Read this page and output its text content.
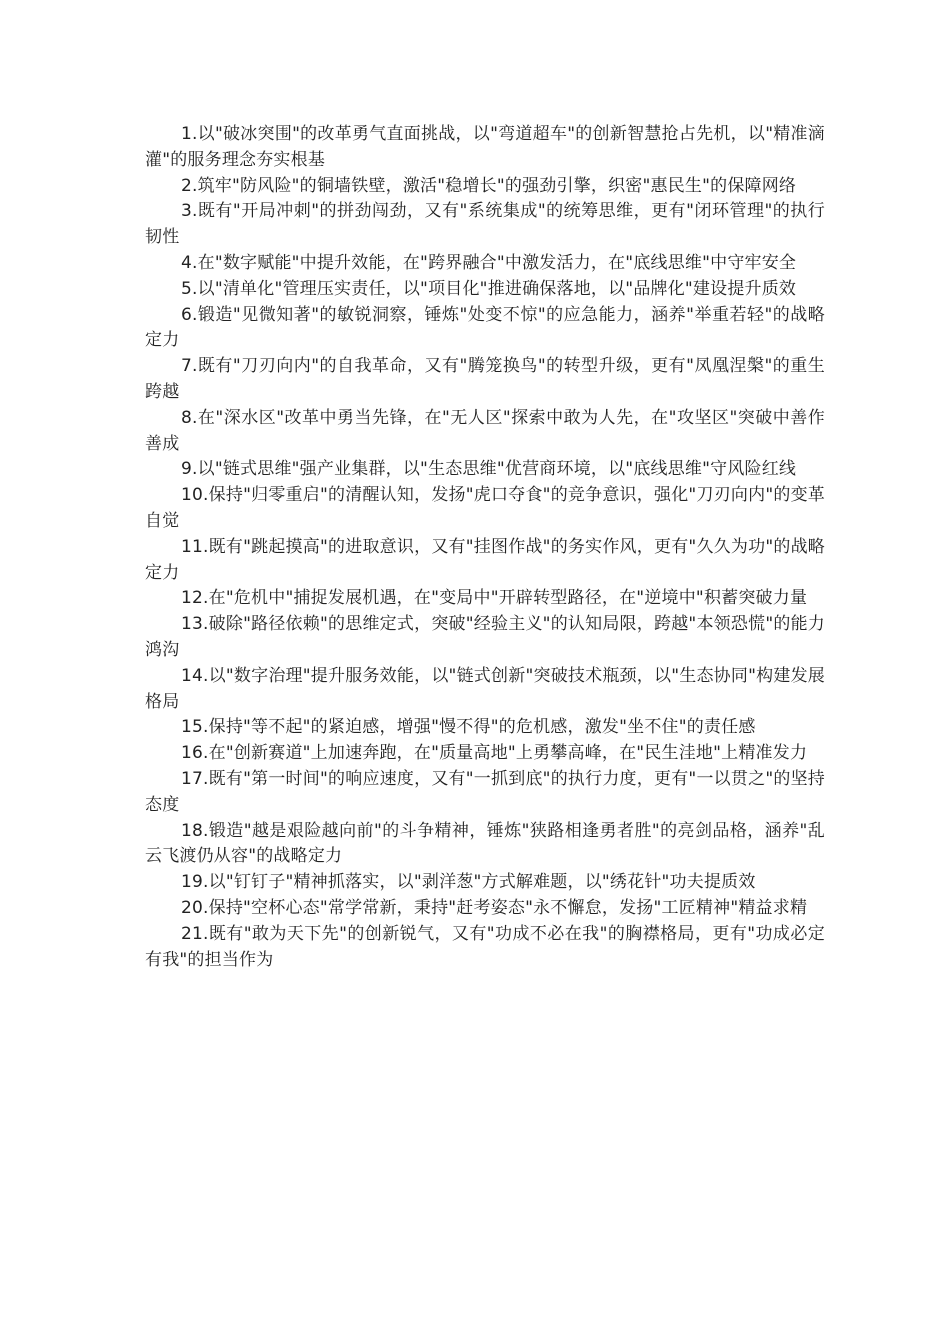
1.以"破冰突围"的改革勇气直面挑战，以"弯道超车"的创新智慧抢占先机，以"精准滴灌"的服务理念夯实根基

2.筑牢"防风险"的铜墙铁壁，激活"稳增长"的强劲引擎，织密"惠民生"的保障网络

3.既有"开局冲刺"的拼劲闯劲，又有"系统集成"的统筹思维，更有"闭环管理"的执行韧性

4.在"数字赋能"中提升效能，在"跨界融合"中激发活力，在"底线思维"中守牢安全

5.以"清单化"管理压实责任，以"项目化"推进确保落地，以"品牌化"建设提升质效

6.锻造"见微知著"的敏锐洞察，锤炼"处变不惊"的应急能力，涵养"举重若轻"的战略定力

7.既有"刀刃向内"的自我革命，又有"腾笼换鸟"的转型升级，更有"凤凰涅槃"的重生跨越

8.在"深水区"改革中勇当先锋，在"无人区"探索中敢为人先，在"攻坚区"突破中善作善成

9.以"链式思维"强产业集群，以"生态思维"优营商环境，以"底线思维"守风险红线

10.保持"归零重启"的清醒认知，发扬"虎口夺食"的竞争意识，强化"刀刃向内"的变革自觉

11.既有"跳起摸高"的进取意识，又有"挂图作战"的务实作风，更有"久久为功"的战略定力

12.在"危机中"捕捉发展机遇，在"变局中"开辟转型路径，在"逆境中"积蓄突破力量

13.破除"路径依赖"的思维定式，突破"经验主义"的认知局限，跨越"本领恐慌"的能力鸿沟

14.以"数字治理"提升服务效能，以"链式创新"突破技术瓶颈，以"生态协同"构建发展格局

15.保持"等不起"的紧迫感，增强"慢不得"的危机感，激发"坐不住"的责任感

16.在"创新赛道"上加速奔跑，在"质量高地"上勇攀高峰，在"民生洼地"上精准发力

17.既有"第一时间"的响应速度，又有"一抓到底"的执行力度，更有"一以贯之"的坚持态度

18.锻造"越是艰险越向前"的斗争精神，锤炼"狭路相逢勇者胜"的亮剑品格，涵养"乱云飞渡仍从容"的战略定力

19.以"钉钉子"精神抓落实，以"剥洋葱"方式解难题，以"绣花针"功夫提质效

20.保持"空杯心态"常学常新，秉持"赶考姿态"永不懈怠，发扬"工匠精神"精益求精

21.既有"敢为天下先"的创新锐气，又有"功成不必在我"的胸襟格局，更有"功成必定有我"的担当作为
